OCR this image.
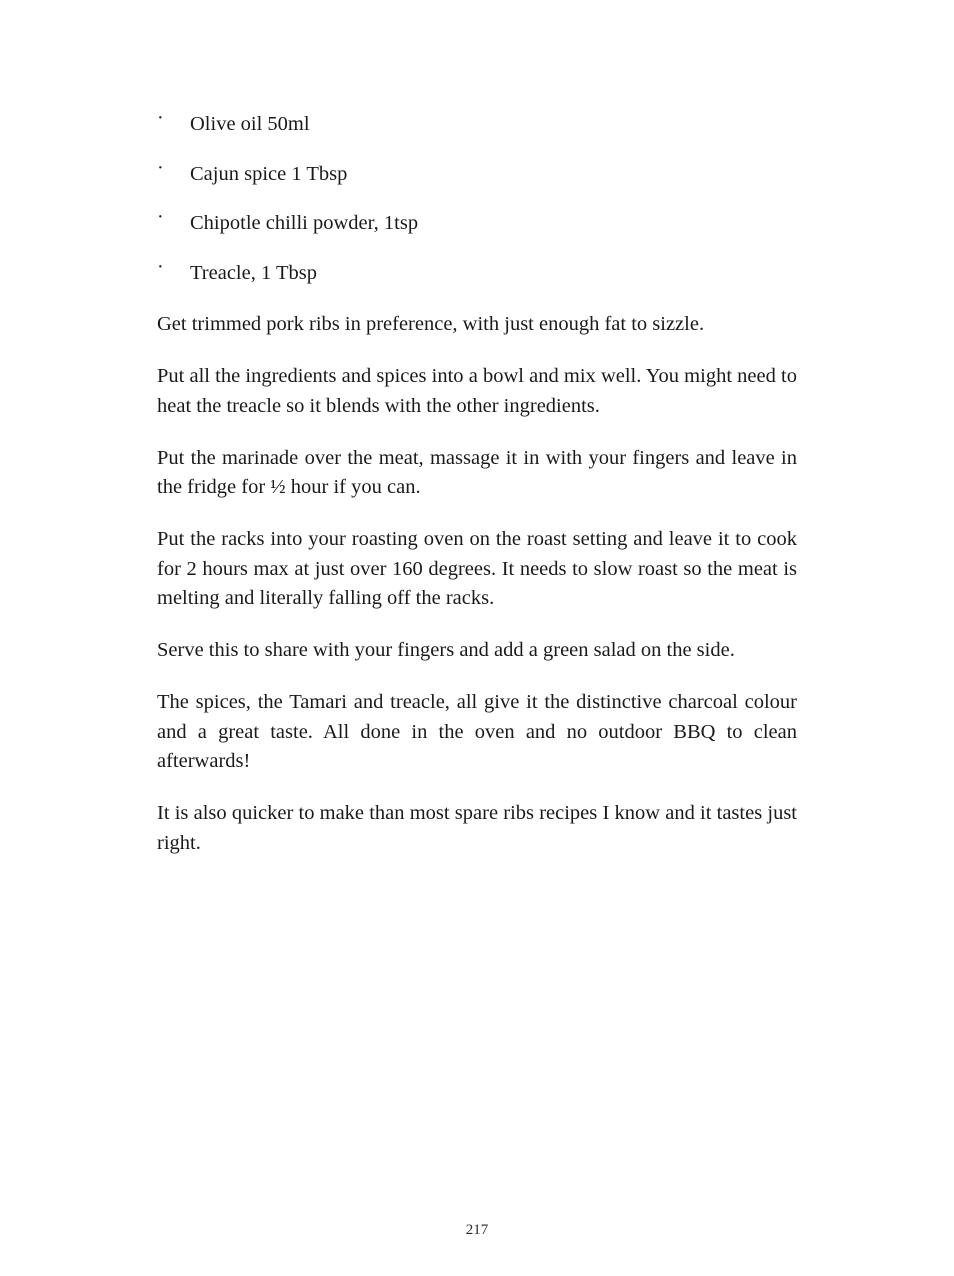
· Olive oil 50ml
· Cajun spice 1 Tbsp
· Chipotle chilli powder, 1tsp
· Treacle, 1 Tbsp

Get trimmed pork ribs in preference, with just enough fat to sizzle.

Put all the ingredients and spices into a bowl and mix well. You might need to heat the treacle so it blends with the other ingredients.

Put the marinade over the meat, massage it in with your fingers and leave in the fridge for ½ hour if you can.

Put the racks into your roasting oven on the roast setting and leave it to cook for 2 hours max at just over 160 degrees. It needs to slow roast so the meat is melting and literally falling off the racks.

Serve this to share with your fingers and add a green salad on the side.

The spices, the Tamari and treacle, all give it the distinctive charcoal colour and a great taste. All done in the oven and no outdoor BBQ to clean afterwards!

It is also quicker to make than most spare ribs recipes I know and it tastes just right.

217
